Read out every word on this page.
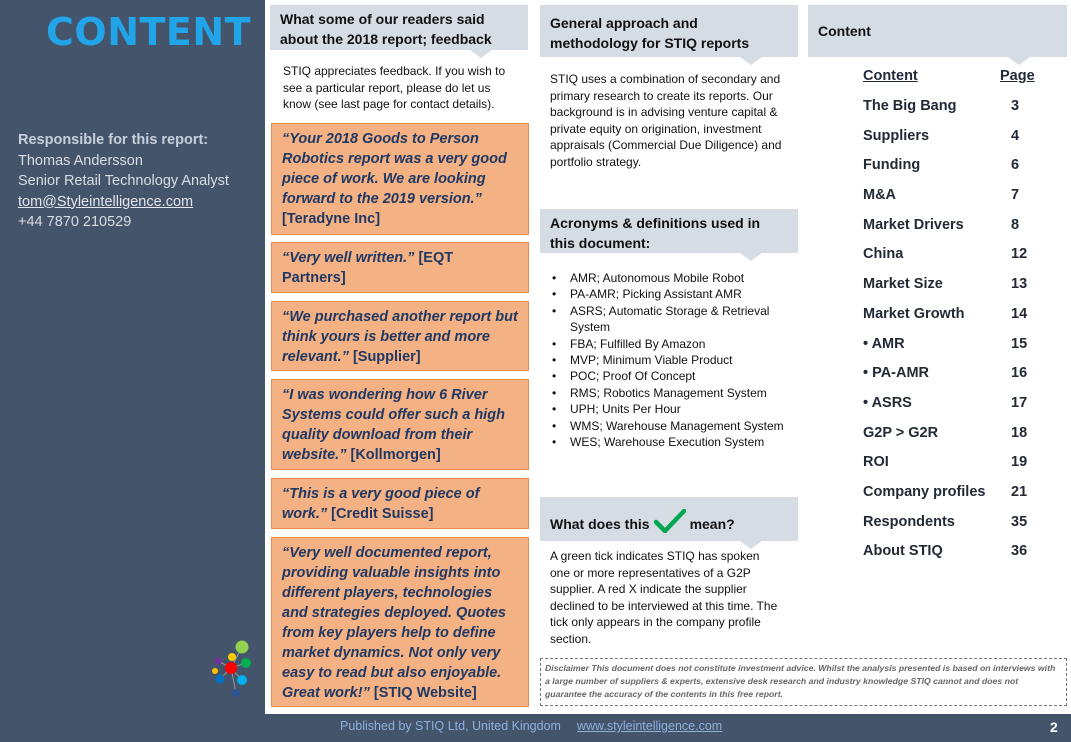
CONTENT
Responsible for this report:
Thomas Andersson
Senior Retail Technology Analyst
tom@Styleintelligence.com
+44 7870 210529
What some of our readers said about the 2018 report; feedback
STIQ appreciates feedback. If you wish to see a particular report, please do let us know (see last page for contact details).
“Your 2018 Goods to Person Robotics report was a very good piece of work. We are looking forward to the 2019 version.” [Teradyne Inc]
“Very well written.” [EQT Partners]
“We purchased another report but think yours is better and more relevant.” [Supplier]
“I was wondering how 6 River Systems could offer such a high quality download from their website.” [Kollmorgen]
“This is a very good piece of work.” [Credit Suisse]
“Very well documented report, providing valuable insights into different players, technologies and strategies deployed. Quotes from key players help to define market dynamics. Not only very easy to read but also enjoyable. Great work!” [STIQ Website]
General approach and methodology for STIQ reports
STIQ uses a combination of secondary and primary research to create its reports. Our background is in advising venture capital & private equity on origination, investment appraisals (Commercial Due Diligence) and portfolio strategy.
Acronyms & definitions used in this document:
• AMR; Autonomous Mobile Robot
• PA-AMR; Picking Assistant AMR
• ASRS; Automatic Storage & Retrieval System
• FBA; Fulfilled By Amazon
• MVP; Minimum Viable Product
• POC; Proof Of Concept
• RMS; Robotics Management System
• UPH; Units Per Hour
• WMS; Warehouse Management System
• WES; Warehouse Execution System
What does this	mean?
A green tick indicates STIQ has spoken one or more representatives of a G2P supplier. A red X indicate the supplier declined to be interviewed at this time. The tick only appears in the company profile section.
Disclaimer This document does not constitute investment advice. Whilst the analysis presented is based on interviews with a large number of suppliers & experts, extensive desk research and industry knowledge STIQ cannot and does not guarantee the accuracy of the contents in this free report.
Content
Content	Page
The Big Bang	3
Suppliers	4
Funding	6
M&A	7
Market Drivers	8
China	12
Market Size	13
Market Growth	14
• AMR	15
• PA-AMR	16
• ASRS	17
G2P > G2R	18
ROI	19
Company profiles 21
Respondents	35
About STIQ	36
Published by STIQ Ltd, United Kingdom www.styleintelligence.com	2
